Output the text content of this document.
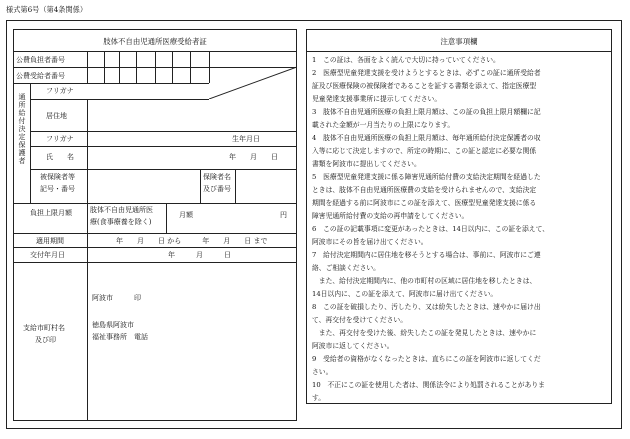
様式第6号（第4条関係）
肢体不自由児通所医療受給者証
公費負担者番号
公費受給者番号
通所給付決定保護者
フリガナ
居住地
フリガナ	生年月日
氏　　名	年　　月　　日
被保険者等
記号・番号
保険者名
及び番号
負担上限月額	肢体不自由児通所医
療(食事療養を除く)
月額	円
適用期間	年　　月　　日 から　　　年　　月　　日 まで
交付年月日	年　　　月　　　日
支給市町村名
及び印
阿波市　　　印
徳島県阿波市
福祉事務所　電話
注意事項欄
1　この証は、各面をよく読んで大切に持っていてください。
2　医療型児童発達支援を受けようとするときは、必ずこの証に通所受給者
証及び医療保険の被保険者であることを証する書類を添えて、指定医療型
児童発達支援事業所に提示してください。
3　肢体不自由児通所医療の負担上限月額は、この証の負担上限月額欄に記
載された金額が一月当たりの上限になります。
4　肢体不自由児通所医療の負担上限月額は、毎年通所給付決定保護者の収
入等に応じて決定しますので、所定の時期に、この証と認定に必要な関係
書類を阿波市に提出してください。
5　医療型児童発達支援に係る障害児通所給付費の支給決定期間を経過した
ときは、肢体不自由児通所医療費の支給を受けられませんので、支給決定
期間を経過する前に阿波市にこの証を添えて、医療型児童発達支援に係る
障害児通所給付費の支給の再申請をしてください。
6　この証の記載事項に変更があったときは、14日以内に、この証を添えて、
阿波市にその旨を届け出てください。
7　給付決定期間内に居住地を移そうとする場合は、事前に、阿波市にご連
絡、ご相談ください。
　また、給付決定期間内に、他の市町村の区域に居住地を移したときは、
14日以内に、この証を添えて、阿波市に届け出てください。
8　この証を破損したり、汚したり、又は紛失したときは、速やかに届け出
て、再交付を受けてください。
　また、再交付を受けた後、紛失したこの証を発見したときは、速やかに
阿波市に返してください。
9　受給者の資格がなくなったときは、直ちにこの証を阿波市に返してくだ
さい。
10　不正にこの証を使用した者は、関係法令により処罰されることがありま
す。
